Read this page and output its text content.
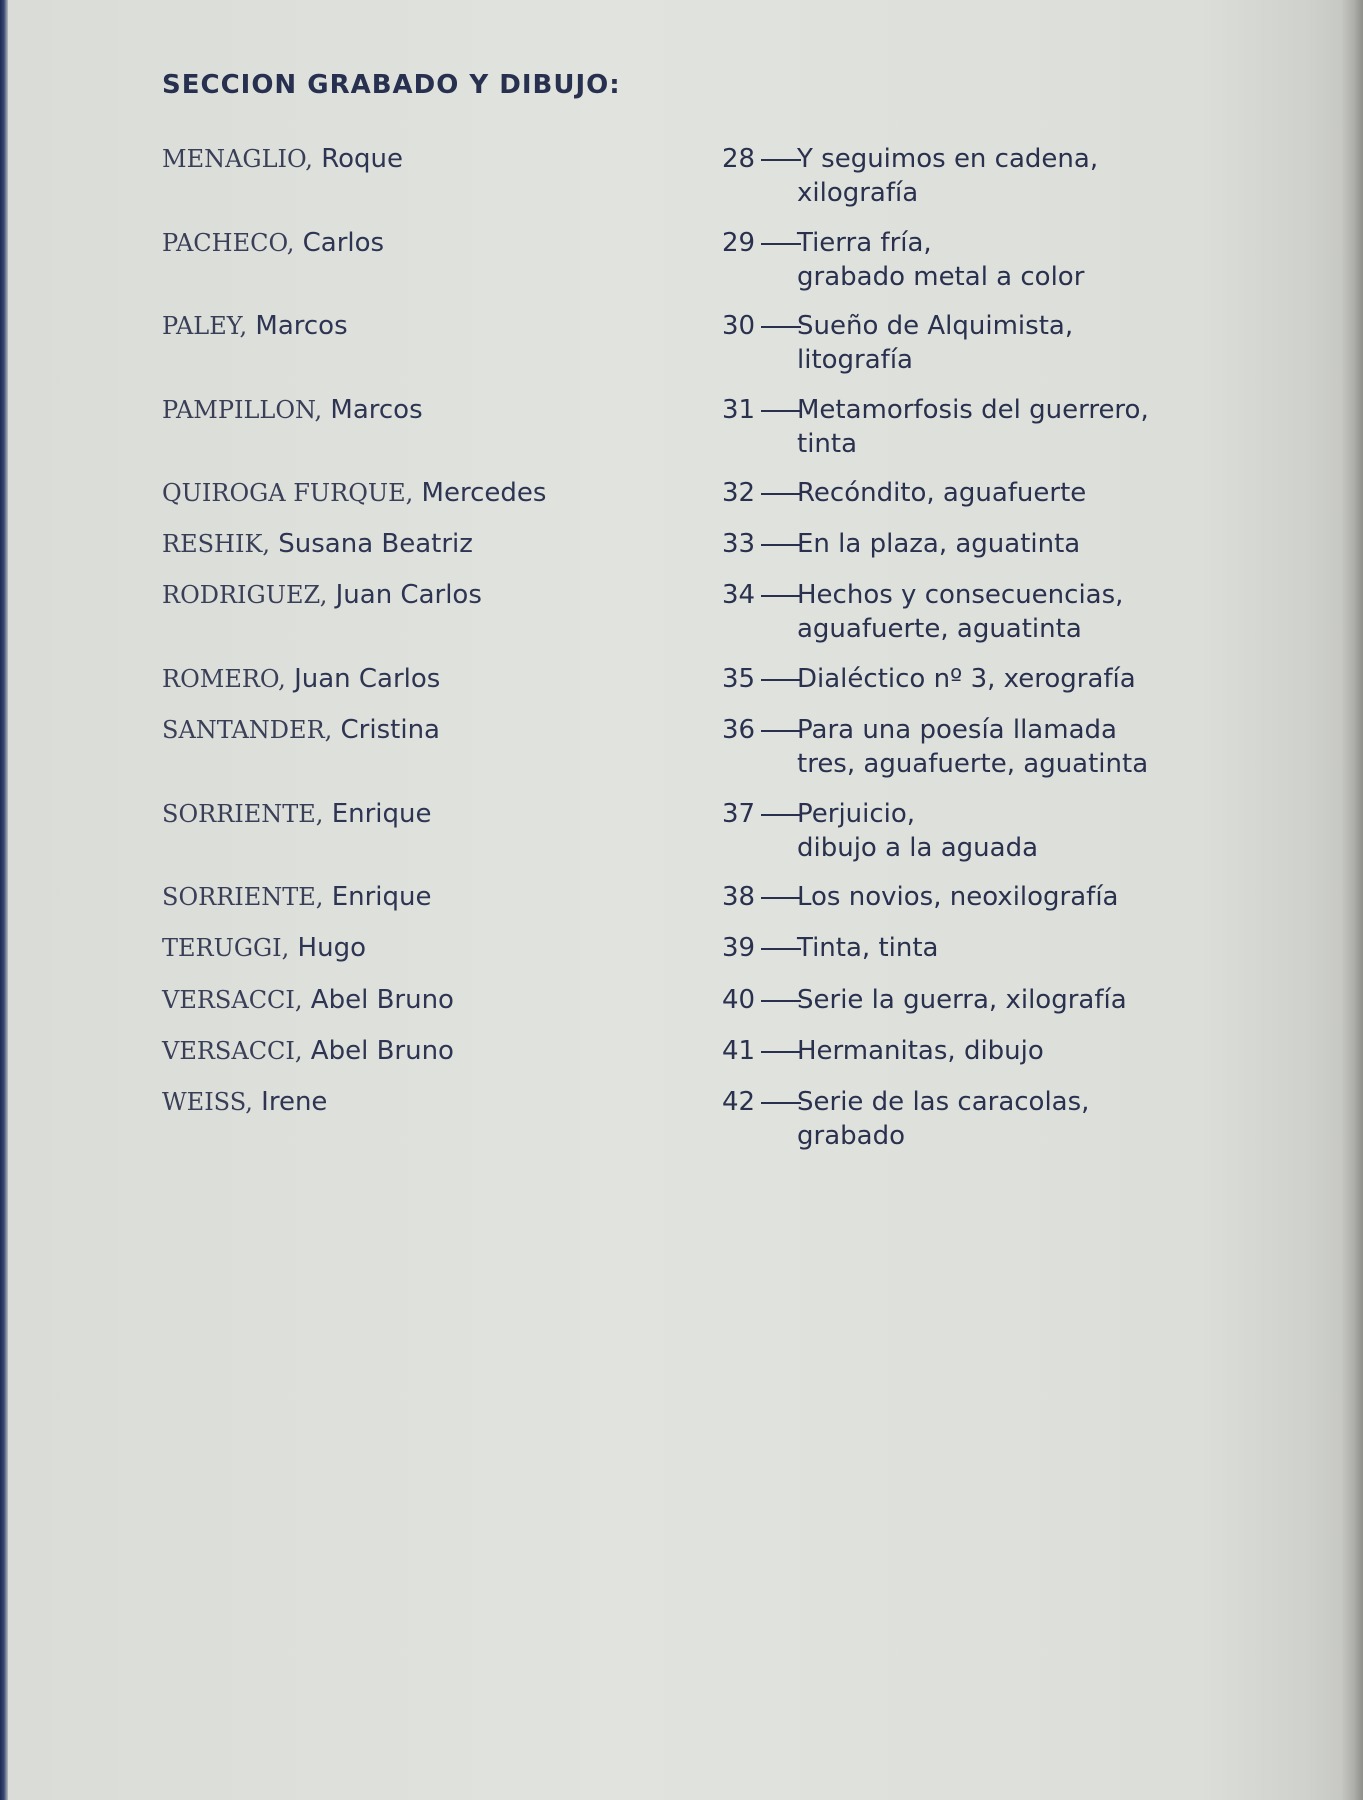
SECCION GRABADO Y DIBUJO:
MENAGLIO, Roque	28	Y seguimos en cadena,
xilografía
PACHECO, Carlos	29	Tierra fría,
grabado metal a color
PALEY, Marcos	30	Sueño de Alquimista,
litografía
PAMPILLON, Marcos	31	Metamorfosis del guerrero,
tinta
QUIROGA FURQUE, Mercedes	32	Recóndito, aguafuerte
RESHIK, Susana Beatriz	33	En la plaza, aguatinta
RODRIGUEZ, Juan Carlos	34	Hechos y consecuencias,
aguafuerte, aguatinta
ROMERO, Juan Carlos	35	Dialéctico nº 3, xerografía
SANTANDER, Cristina	36	Para una poesía llamada
tres, aguafuerte, aguatinta
SORRIENTE, Enrique	37	Perjuicio,
dibujo a la aguada
SORRIENTE, Enrique	38	Los novios, neoxilografía
TERUGGI, Hugo	39	Tinta, tinta
VERSACCI, Abel Bruno	40	Serie la guerra, xilografía
VERSACCI, Abel Bruno	41	Hermanitas, dibujo
WEISS, Irene	42	Serie de las caracolas,
grabado
